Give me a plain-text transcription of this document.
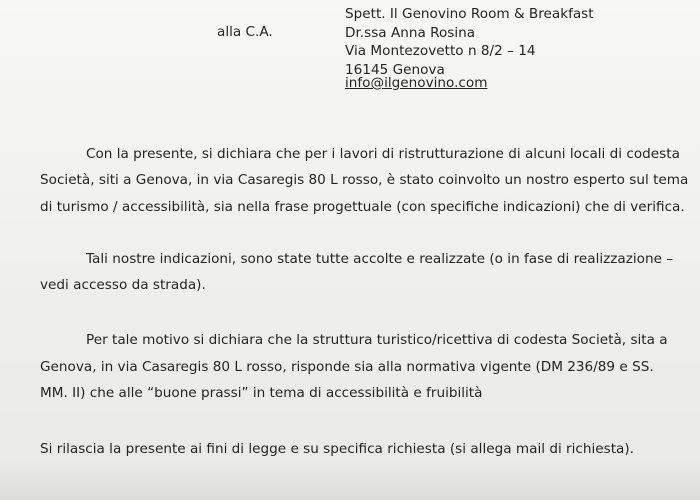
alla C.A.
Spett. Il Genovino Room & Breakfast
Dr.ssa Anna Rosina
Via Montezovetto n 8/2 – 14
16145 Genova
info@ilgenovino.com
Con la presente, si dichiara che per i lavori di ristrutturazione di alcuni locali di codesta
Società, siti a Genova, in via Casaregis 80 L rosso, è stato coinvolto un nostro esperto sul tema
di turismo / accessibilità, sia nella frase progettuale (con specifiche indicazioni) che di verifica.
Tali nostre indicazioni, sono state tutte accolte e realizzate (o in fase di realizzazione –
vedi accesso da strada).
Per tale motivo si dichiara che la struttura turistico/ricettiva di codesta Società, sita a
Genova, in via Casaregis 80 L rosso, risponde sia alla normativa vigente (DM 236/89 e SS.
MM. II) che alle “buone prassi” in tema di accessibilità e fruibilità
Si rilascia la presente ai fini di legge e su specifica richiesta (si allega mail di richiesta).
